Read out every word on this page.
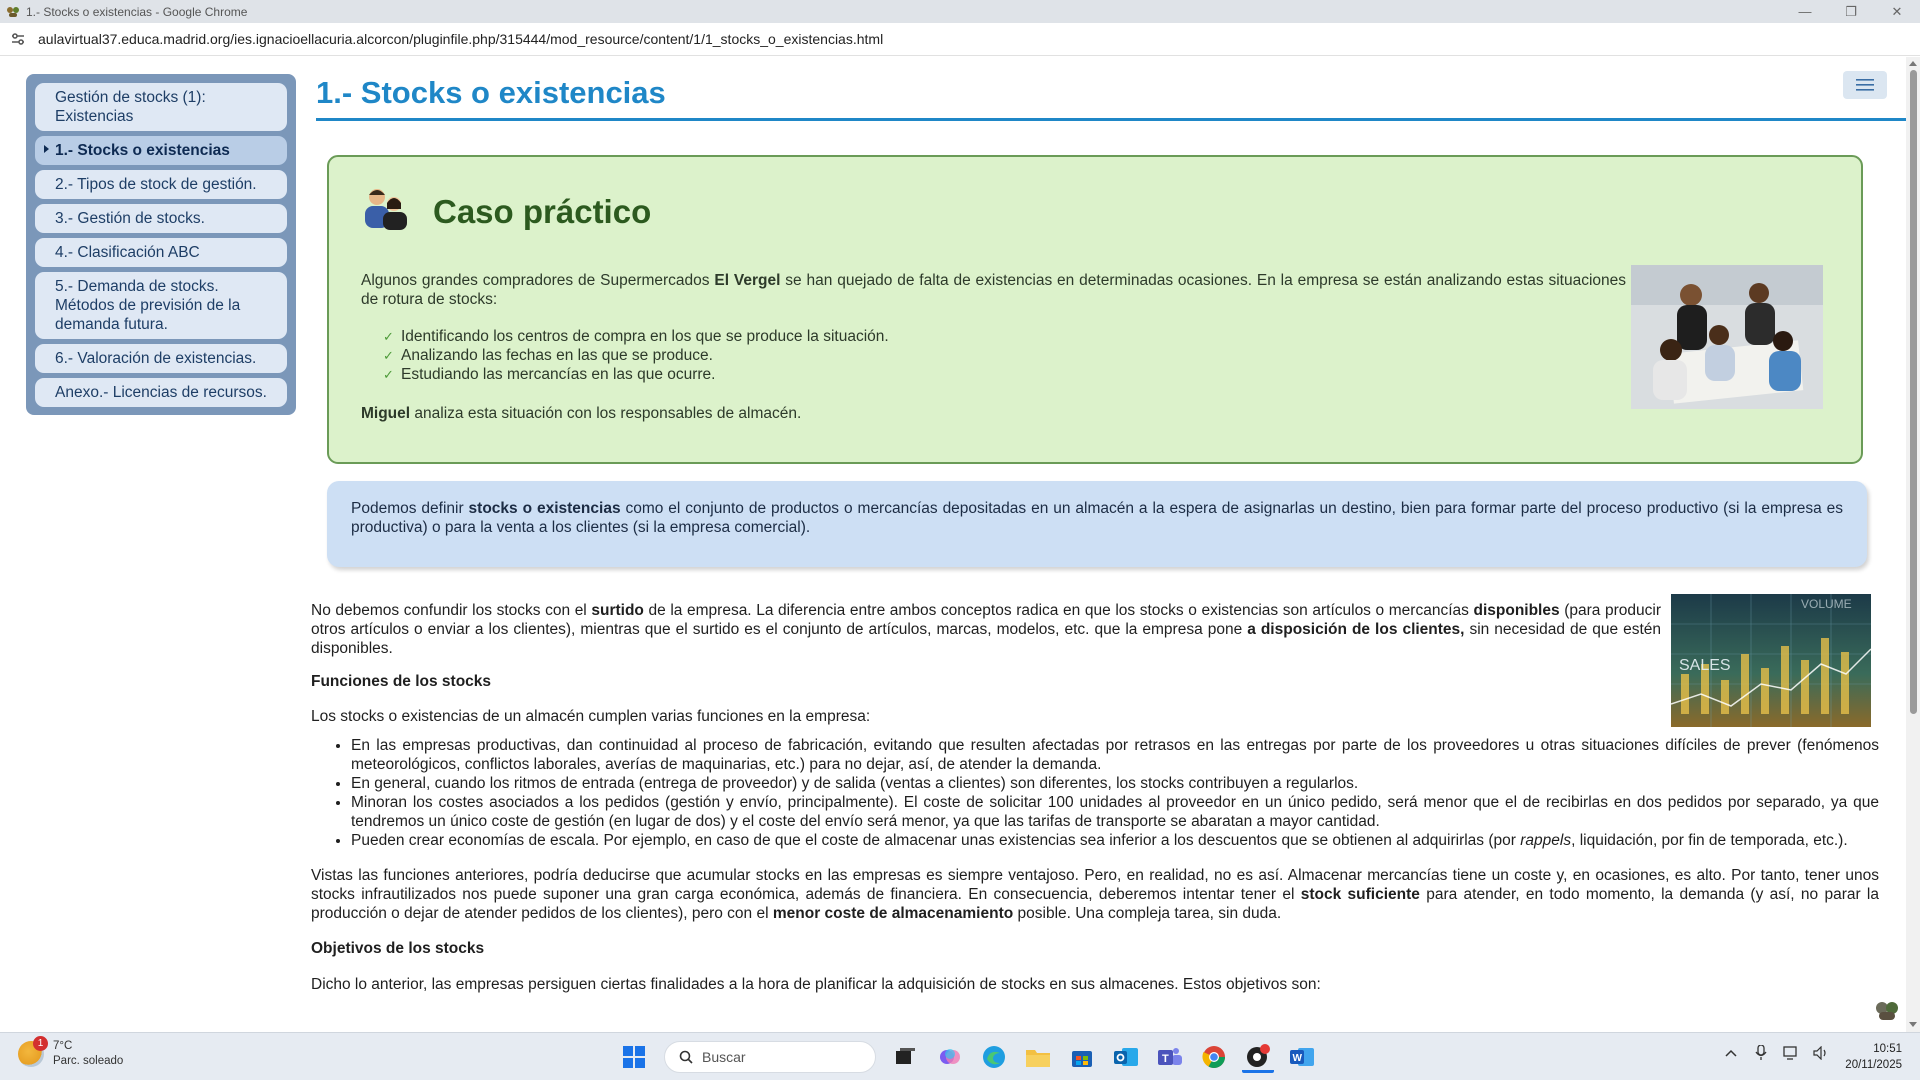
1.- Stocks o existencias - Google Chrome	—	❐	✕
aulavirtual37.educa.madrid.org/ies.ignacioellacuria.alcorcon/pluginfile.php/315444/mod_resource/content/1/1_stocks_o_existencias.html
Gestión de stocks (1): Existencias
1.- Stocks o existencias
2.- Tipos de stock de gestión.
3.- Gestión de stocks.
4.- Clasificación ABC
5.- Demanda de stocks. Métodos de previsión de la demanda futura.
6.- Valoración de existencias.
Anexo.- Licencias de recursos.
1.- Stocks o existencias
Caso práctico

Algunos grandes compradores de Supermercados El Vergel se han quejado de falta de existencias en determinadas ocasiones. En la empresa se están analizando estas situaciones de rotura de stocks:

✓ Identificando los centros de compra en los que se produce la situación.
✓ Analizando las fechas en las que se produce.
✓ Estudiando las mercancías en las que ocurre.

Miguel analiza esta situación con los responsables de almacén.

Podemos definir stocks o existencias como el conjunto de productos o mercancías depositadas en un almacén a la espera de asignarlas un destino, bien para formar parte del proceso productivo (si la empresa es productiva) o para la venta a los clientes (si la empresa comercial).
SALES
VOLUME

No debemos confundir los stocks con el surtido de la empresa. La diferencia entre ambos conceptos radica en que los stocks o existencias son artículos o mercancías disponibles (para producir otros artículos o enviar a los clientes), mientras que el surtido es el conjunto de artículos, marcas, modelos, etc. que la empresa pone a disposición de los clientes, sin necesidad de que estén disponibles.

Funciones de los stocks

Los stocks o existencias de un almacén cumplen varias funciones en la empresa:

• En las empresas productivas, dan continuidad al proceso de fabricación, evitando que resulten afectadas por retrasos en las entregas por parte de los proveedores u otras situaciones difíciles de prever (fenómenos meteorológicos, conflictos laborales, averías de maquinarias, etc.) para no dejar, así, de atender la demanda.
• En general, cuando los ritmos de entrada (entrega de proveedor) y de salida (ventas a clientes) son diferentes, los stocks contribuyen a regularlos.
• Minoran los costes asociados a los pedidos (gestión y envío, principalmente). El coste de solicitar 100 unidades al proveedor en un único pedido, será menor que el de recibirlas en dos pedidos por separado, ya que tendremos un único coste de gestión (en lugar de dos) y el coste del envío será menor, ya que las tarifas de transporte se abaratan a mayor cantidad.
• Pueden crear economías de escala. Por ejemplo, en caso de que el coste de almacenar unas existencias sea inferior a los descuentos que se obtienen al adquirirlas (por rappels, liquidación, por fin de temporada, etc.).

Vistas las funciones anteriores, podría deducirse que acumular stocks en las empresas es siempre ventajoso. Pero, en realidad, no es así. Almacenar mercancías tiene un coste y, en ocasiones, es alto. Por tanto, tener unos stocks infrautilizados nos puede suponer una gran carga económica, además de financiera. En consecuencia, deberemos intentar tener el stock suficiente para atender, en todo momento, la demanda (y así, no parar la producción o dejar de atender pedidos de los clientes), pero con el menor coste de almacenamiento posible. Una compleja tarea, sin duda.

Objetivos de los stocks

Dicho lo anterior, las empresas persiguen ciertas finalidades a la hora de planificar la adquisición de stocks en sus almacenes. Estos objetivos son:

1 7°C
Parc. soleado	Buscar	T	W
10:51
20/11/2025
